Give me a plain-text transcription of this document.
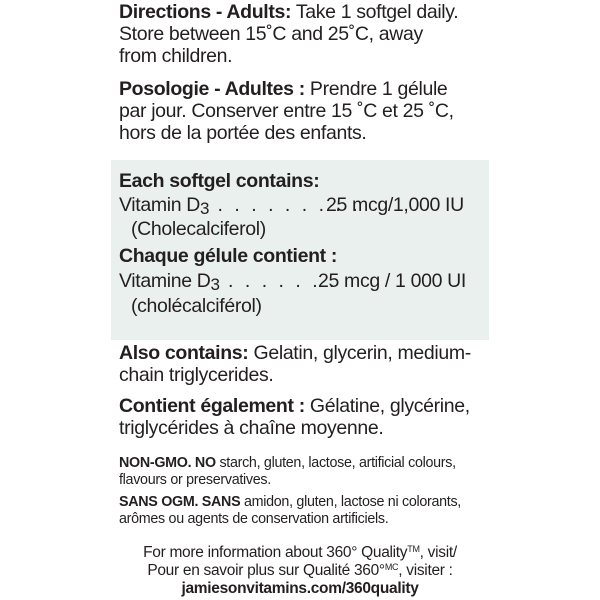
Directions - Adults: Take 1 softgel daily.

Store between 15˚C and 25˚C, away

from children.

Posologie - Adultes : Prendre 1 gélule

par jour. Conserver entre 15 ˚C et 25 ˚C,

hors de la portée des enfants.

Each softgel contains:
Vitamin D3 . . . . . . . . .
25 mcg/1,000 IU
(Cholecalciferol)
Chaque gélule contient :
Vitamine D3 . . . . . . .
25 mcg / 1 000 UI
(cholécalciférol)

Also contains: Gelatin, glycerin, medium-

chain triglycerides.

Contient également : Gélatine, glycérine,

triglycérides à chaîne moyenne.

NON-GMO. NO starch, gluten, lactose, artificial colours,

flavours or preservatives.

SANS OGM. SANS amidon, gluten, lactose ni colorants,

arômes ou agents de conservation artificiels.

For more information about 360° Quality™, visit/
Pour en savoir plus sur Qualité 360°$^{MC}$, visiter :
jamiesonvitamins.com/360quality
